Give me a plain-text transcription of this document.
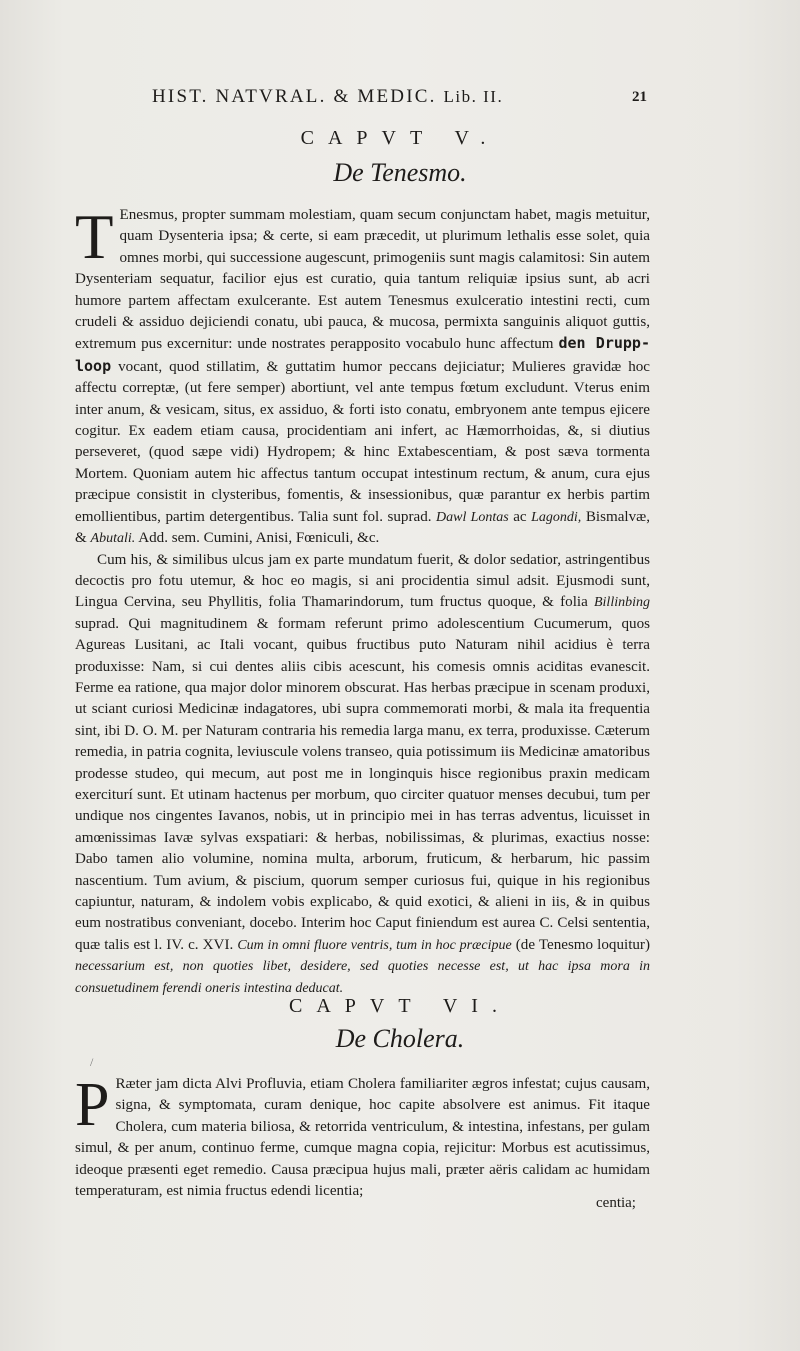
HIST. NATVRAL. & MEDIC. Lib. II.	21
CAPVT V.
De Tenesmo.

T Enesmus, propter summam molestiam, quam secum conjunctam habet, magis metuitur, quam Dysenteria ipsa; & certe, si eam præcedit, ut plurimum lethalis esse solet, quia omnes morbi, qui successione augescunt, primogeniis sunt magis calamitosi: Sin autem Dysenteriam sequatur, facilior ejus est curatio, quia tantum reliquiæ ipsius sunt, ab acri humore partem affectam exulcerante. Est autem Tenesmus exulceratio intestini recti, cum crudeli & assiduo dejiciendi conatu, ubi pauca, & mucosa, permixta sanguinis aliquot guttis, extremum pus excernitur: unde nostrates perapposito vocabulo hunc affectum den Drupp-loop vocant, quod stillatim, & guttatim humor peccans dejiciatur; Mulieres gravidæ hoc affectu correptæ, (ut fere semper) abortiunt, vel ante tempus fœtum excludunt. Vterus enim inter anum, & vesicam, situs, ex assiduo, & forti isto conatu, embryonem ante tempus ejicere cogitur. Ex eadem etiam causa, procidentiam ani infert, ac Hæmorrhoidas, &, si diutius perseveret, (quod sæpe vidi) Hydropem; & hinc Extabescentiam, & post sæva tormenta Mortem. Quoniam autem hic affectus tantum occupat intestinum rectum, & anum, cura ejus præcipue consistit in clysteribus, fomentis, & insessionibus, quæ parantur ex herbis partim emollientibus, partim detergentibus. Talia sunt fol. suprad. Dawl Lontas ac Lagondi, Bismalvæ, & Abutali. Add. sem. Cumini, Anisi, Fœniculi, &c.

Cum his, & similibus ulcus jam ex parte mundatum fuerit, & dolor sedatior, astringentibus decoctis pro fotu utemur, & hoc eo magis, si ani procidentia simul adsit. Ejusmodi sunt, Lingua Cervina, seu Phyllitis, folia Thamarindorum, tum fructus quoque, & folia Billinbing suprad. Qui magnitudinem & formam referunt primo adolescentium Cucumerum, quos Agureas Lusitani, ac Itali vocant, quibus fructibus puto Naturam nihil acidius è terra produxisse: Nam, si cui dentes aliis cibis acescunt, his comesis omnis aciditas evanescit. Ferme ea ratione, qua major dolor minorem obscurat. Has herbas præcipue in scenam produxi, ut sciant curiosi Medicinæ indagatores, ubi supra commemorati morbi, & mala ita frequentia sint, ibi D. O. M. per Naturam contraria his remedia larga manu, ex terra, produxisse. Cæterum remedia, in patria cognita, leviuscule volens transeo, quia potissimum iis Medicinæ amatoribus prodesse studeo, qui mecum, aut post me in longinquis hisce regionibus praxin medicam exerciturí sunt. Et utinam hactenus per morbum, quo circiter quatuor menses decubui, tum per undique nos cingentes Iavanos, nobis, ut in principio mei in has terras adventus, licuisset in amœnissimas Iavæ sylvas exspatiari: & herbas, nobilissimas, & plurimas, exactius nosse: Dabo tamen alio volumine, nomina multa, arborum, fruticum, & herbarum, hic passim nascentium. Tum avium, & piscium, quorum semper curiosus fui, quique in his regionibus capiuntur, naturam, & indolem vobis explicabo, & quid exotici, & alieni in iis, & in quibus eum nostratibus conveniant, docebo. Interim hoc Caput finiendum est aurea C. Celsi sententia, quæ talis est l. IV. c. XVI. Cum in omni fluore ventris, tum in hoc præcipue (de Tenesmo loquitur) necessarium est, non quoties libet, desidere, sed quoties necesse est, ut hac ipsa mora in consuetudinem ferendi oneris intestina deducat.

CAPVT VI.
De Cholera.
/

P Ræter jam dicta Alvi Profluvia, etiam Cholera familiariter ægros infestat; cujus causam, signa, & symptomata, curam denique, hoc capite absolvere est animus. Fit itaque Cholera, cum materia biliosa, & retorrida ventriculum, & intestina, infestans, per gulam simul, & per anum, continuo ferme, cumque magna copia, rejicitur: Morbus est acutissimus, ideoque præsenti eget remedio. Causa præcipua hujus mali, præter aëris calidam ac humidam temperaturam, est nimia fructus edendi licentia;

centia;
